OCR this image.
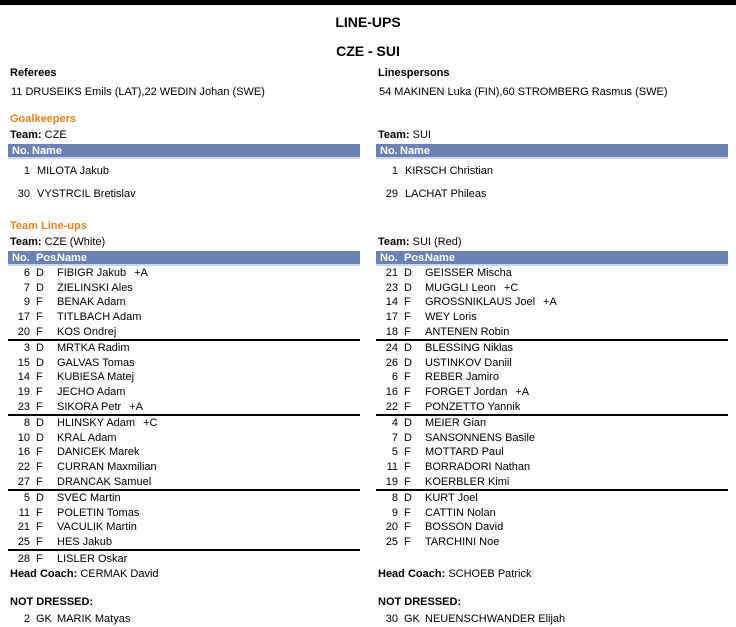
LINE-UPS
CZE - SUI
Referees
11 DRUSEIKS Emils (LAT),22 WEDIN Johan (SWE)
Linespersons
54 MAKINEN Luka (FIN),60 STROMBERG Rasmus (SWE)
Goalkeepers
Team: CZE
No. Name
1 MILOTA Jakub
30 VYSTRCIL Bretislav
Team: SUI
No. Name
1 KIRSCH Christian
29 LACHAT Phileas
Team Line-ups
Team: CZE (White)
No. Pos.
Name
6 D	FIBIGR Jakub +A
7 D	ZIELINSKI Ales
9 F	BENAK Adam
17 F	TITLBACH Adam
20 F	KOS Ondrej
3 D	MRTKA Radim
15 D	GALVAS Tomas
14 F	KUBIESA Matej
19 F	JECHO Adam
23 F	SIKORA Petr +A
8 D	HLINSKY Adam +C
10 D	KRAL Adam
16 F	DANICEK Marek
22 F	CURRAN Maxmilian
27 F	DRANCAK Samuel
5 D	SVEC Martin
11 F	POLETIN Tomas
21 F	VACULIK Martin
25 F	HES Jakub
28 F	LISLER Oskar
Head Coach: CERMAK David
NOT DRESSED:
2 GK MARIK Matyas
Team: SUI (Red)
No. Pos.
Name
21 D	GEISSER Mischa
23 D	MUGGLI Leon +C
14 F	GROSSNIKLAUS Joel +A
17 F	WEY Loris
18 F	ANTENEN Robin
24 D	BLESSING Niklas
26 D	USTINKOV Daniil
6 F	REBER Jamiro
16 F	FORGET Jordan +A
22 F	PONZETTO Yannik
4 D	MEIER Gian
7 D	SANSONNENS Basile
5 F	MOTTARD Paul
11 F	BORRADORI Nathan
19 F	KOERBLER Kimi
8 D	KURT Joel
9 F	CATTIN Nolan
20 F	BOSSON David
25 F	TARCHINI Noe
Head Coach: SCHOEB Patrick
NOT DRESSED:
30 GK NEUENSCHWANDER Elijah
